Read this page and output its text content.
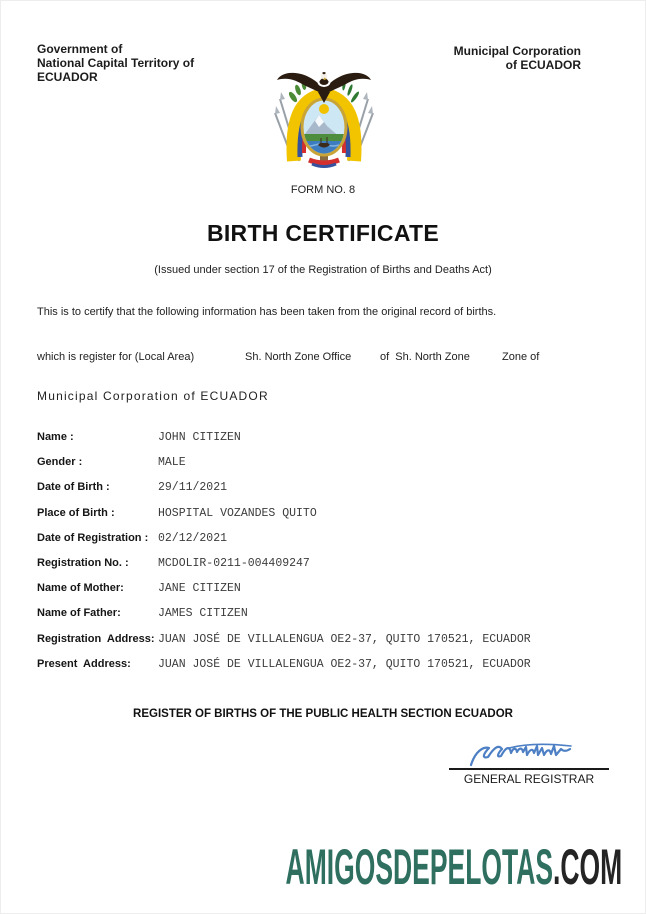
Government of
National Capital Territory of
ECUADOR
Municipal Corporation
of ECUADOR
FORM NO. 8
BIRTH CERTIFICATE
(Issued under section 17 of the Registration of Births and Deaths Act)
This is to certify that the following information has been taken from the original record of births.
which is register for (Local Area)	Sh. North Zone Office	of  Sh. North Zone	Zone of
Municipal Corporation of ECUADOR
Name :	JOHN CITIZEN
Gender :	MALE
Date of Birth :	29/11/2021
Place of Birth :	HOSPITAL VOZANDES QUITO
Date of Registration : 02/12/2021
Registration No. :	MCDOLIR-0211-004409247
Name of Mother:	JANE CITIZEN
Name of Father:	JAMES CITIZEN
Registration  Address: JUAN JOSÉ DE VILLALENGUA OE2-37, QUITO 170521, ECUADOR
Present  Address: JUAN JOSÉ DE VILLALENGUA OE2-37, QUITO 170521, ECUADOR
REGISTER OF BIRTHS OF THE PUBLIC HEALTH SECTION ECUADOR
GENERAL REGISTRAR
AMIGOSDEPELOTAS.COM
